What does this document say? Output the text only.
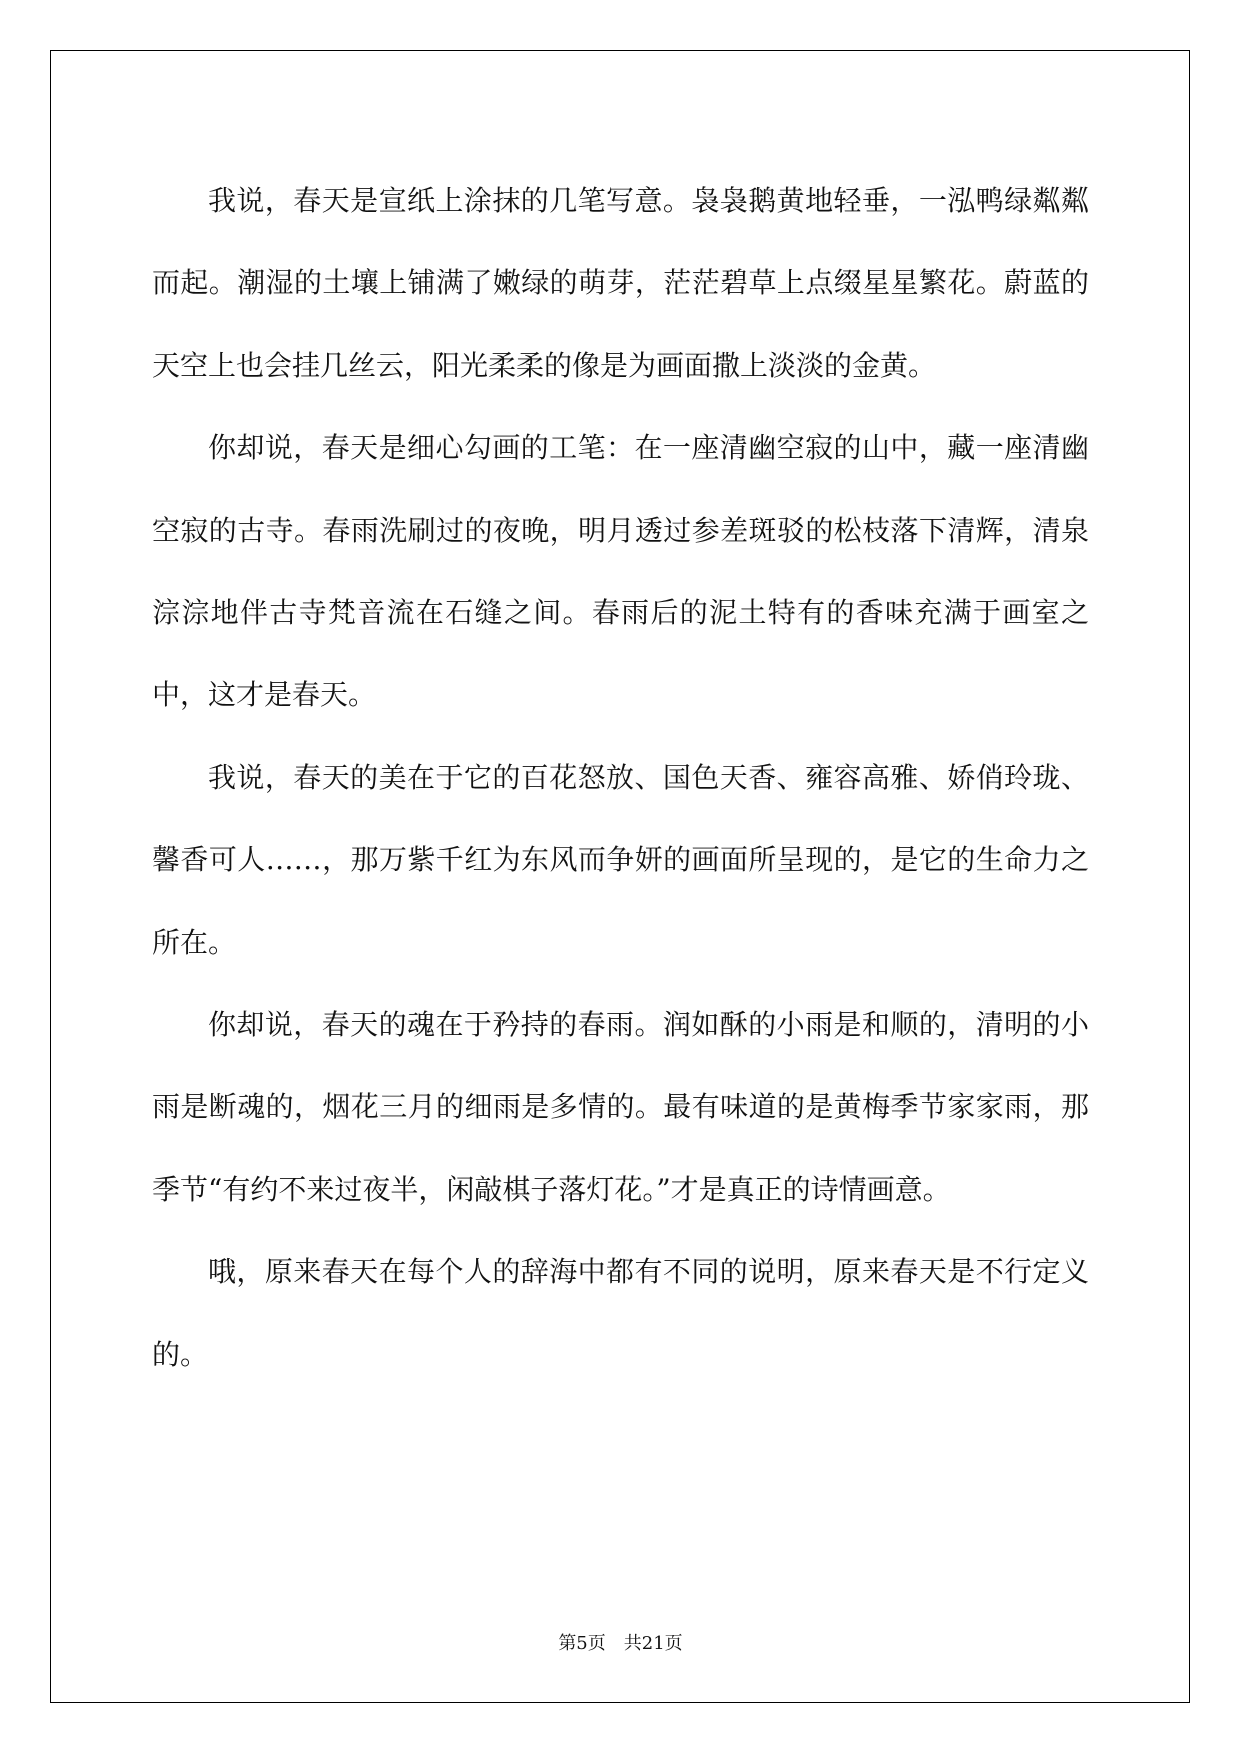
我说，春天是宣纸上涂抹的几笔写意。袅袅鹅黄地轻垂，一泓鸭绿粼粼而起。潮湿的土壤上铺满了嫩绿的萌芽，茫茫碧草上点缀星星繁花。蔚蓝的天空上也会挂几丝云，阳光柔柔的像是为画面撒上淡淡的金黄。

你却说，春天是细心勾画的工笔：在一座清幽空寂的山中，藏一座清幽空寂的古寺。春雨洗刷过的夜晚，明月透过参差斑驳的松枝落下清辉，清泉淙淙地伴古寺梵音流在石缝之间。春雨后的泥土特有的香味充满于画室之中，这才是春天。

我说，春天的美在于它的百花怒放、国色天香、雍容高雅、娇俏玲珑、馨香可人……，那万紫千红为东风而争妍的画面所呈现的，是它的生命力之所在。

你却说，春天的魂在于矜持的春雨。润如酥的小雨是和顺的，清明的小雨是断魂的，烟花三月的细雨是多情的。最有味道的是黄梅季节家家雨，那季节“有约不来过夜半，闲敲棋子落灯花。”才是真正的诗情画意。

哦，原来春天在每个人的辞海中都有不同的说明，原来春天是不行定义的。

第5页 共21页
